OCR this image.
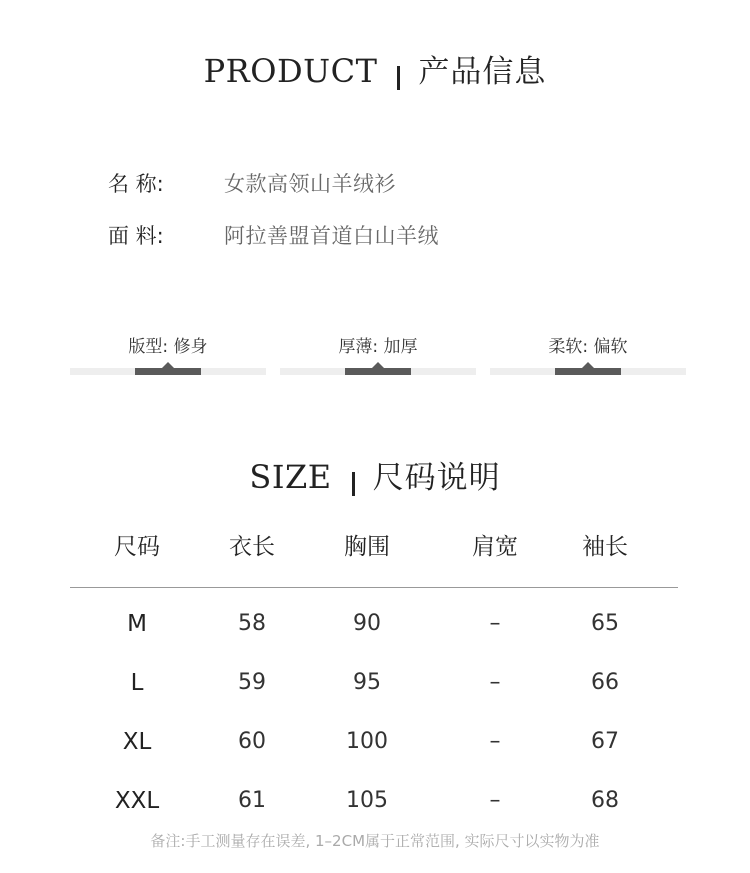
PRODUCT 产品信息
名 称:	女款高领山羊绒衫
面 料:	阿拉善盟首道白山羊绒
版型: 修身	厚薄: 加厚	柔软: 偏软
SIZE 尺码说明
尺码	衣长	胸围	肩宽	袖长
M	58	90	–	65
L	59	95	–	66
XL	60	100	–	67
XXL	61	105	–	68
备注:手工测量存在误差, 1–2CM属于正常范围, 实际尺寸以实物为准
